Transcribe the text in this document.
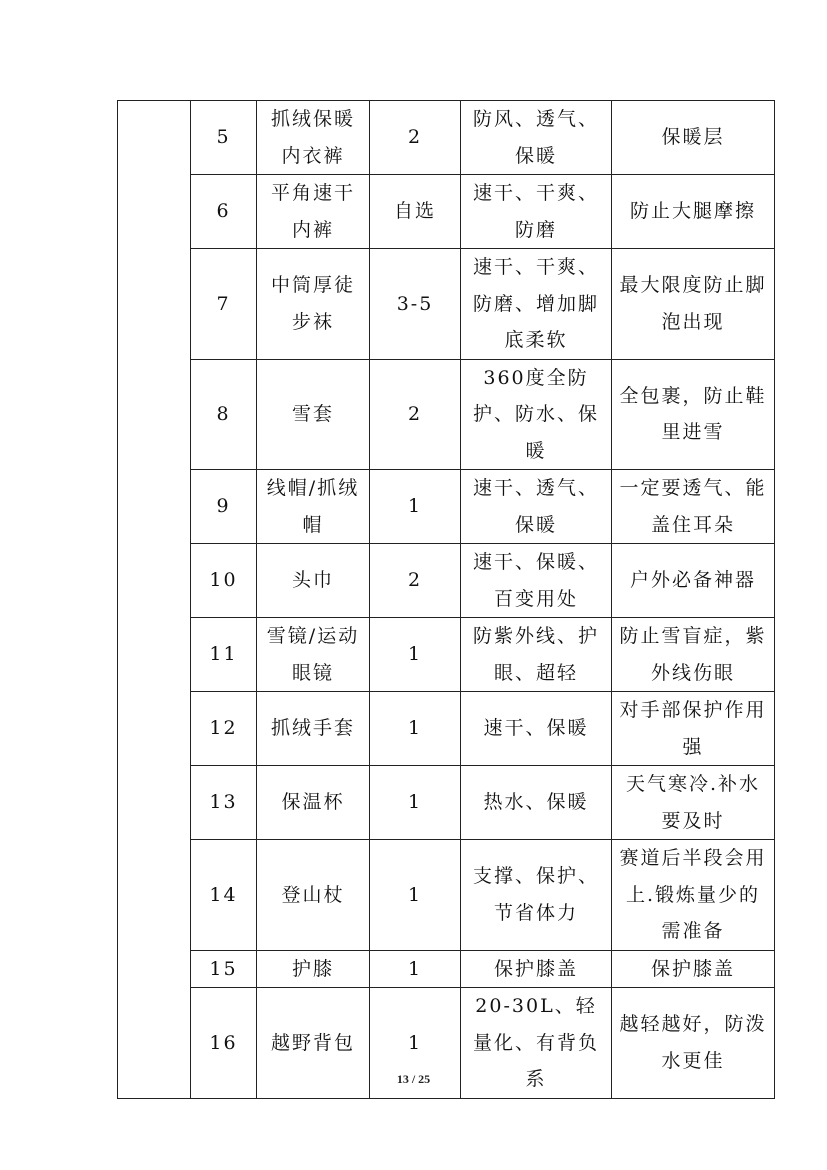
	5	抓绒保暖内衣裤	2	防风、透气、保暖	保暖层
	6	平角速干内裤	自选	速干、干爽、防磨	防止大腿摩擦
	7	中筒厚徒步袜	3-5	速干、干爽、防磨、增加脚底柔软	最大限度防止脚泡出现
	8	雪套	2	360度全防护、防水、保暖	全包裹，防止鞋里进雪
	9	线帽/抓绒帽	1	速干、透气、保暖	一定要透气、能盖住耳朵
	10	头巾	2	速干、保暖、百变用处	户外必备神器
	11	雪镜/运动眼镜	1	防紫外线、护眼、超轻	防止雪盲症，紫外线伤眼
	12	抓绒手套	1	速干、保暖	对手部保护作用强
	13	保温杯	1	热水、保暖	天气寒冷.补水要及时
	14	登山杖	1	支撑、保护、节省体力	赛道后半段会用上.锻炼量少的需准备
	15	护膝	1	保护膝盖	保护膝盖
	16	越野背包	1	20-30L、轻量化、有背负系	越轻越好，防泼水更佳
13 / 25
